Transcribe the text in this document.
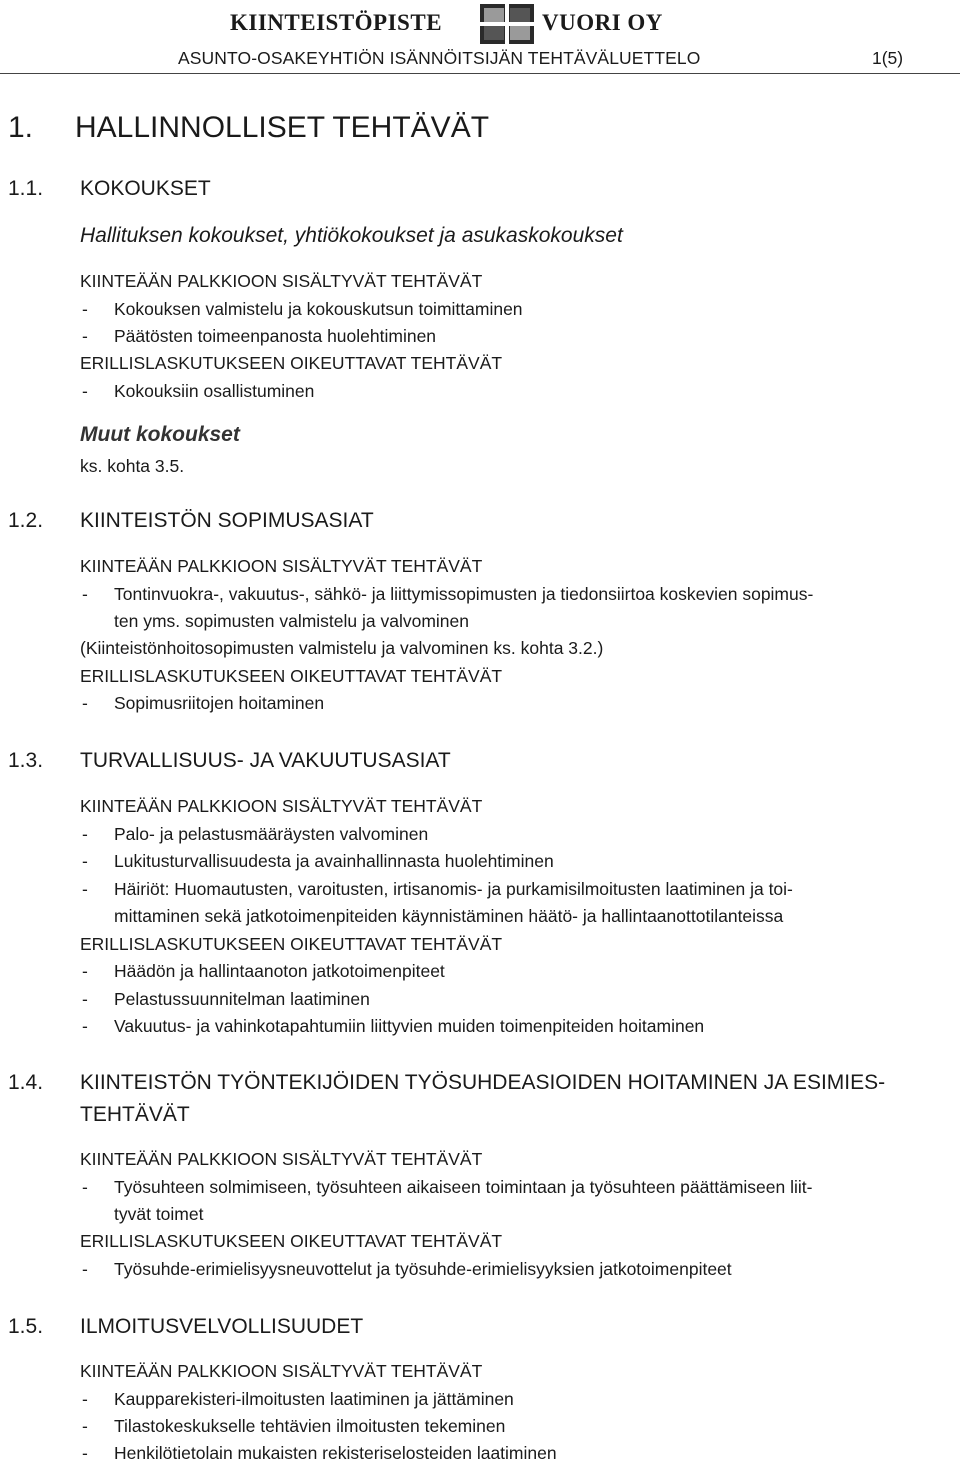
KIINTEISTÖPISTE	VUORI OY
ASUNTO-OSAKEYHTIÖN ISÄNNÖITSIJÄN TEHTÄVÄLUETTELO	1(5)
1. HALLINNOLLISET TEHTÄVÄT
1.1. KOKOUKSET
Hallituksen kokoukset, yhtiökokoukset ja asukaskokoukset
KIINTEÄÄN PALKKIOON SISÄLTYVÄT TEHTÄVÄT
- Kokouksen valmistelu ja kokouskutsun toimittaminen
- Päätösten toimeenpanosta huolehtiminen
ERILLISLASKUTUKSEEN OIKEUTTAVAT TEHTÄVÄT
- Kokouksiin osallistuminen
Muut kokoukset
ks. kohta 3.5.
1.2. KIINTEISTÖN SOPIMUSASIAT
KIINTEÄÄN PALKKIOON SISÄLTYVÄT TEHTÄVÄT
- Tontinvuokra-, vakuutus-, sähkö- ja liittymissopimusten ja tiedonsiirtoa koskevien sopimus-
ten yms. sopimusten valmistelu ja valvominen
(Kiinteistönhoitosopimusten valmistelu ja valvominen ks. kohta 3.2.)
ERILLISLASKUTUKSEEN OIKEUTTAVAT TEHTÄVÄT
- Sopimusriitojen hoitaminen
1.3. TURVALLISUUS- JA VAKUUTUSASIAT
KIINTEÄÄN PALKKIOON SISÄLTYVÄT TEHTÄVÄT
- Palo- ja pelastusmääräysten valvominen
- Lukitusturvallisuudesta ja avainhallinnasta huolehtiminen
- Häiriöt: Huomautusten, varoitusten, irtisanomis- ja purkamisilmoitusten laatiminen ja toi-
mittaminen sekä jatkotoimenpiteiden käynnistäminen häätö- ja hallintaanottotilanteissa
ERILLISLASKUTUKSEEN OIKEUTTAVAT TEHTÄVÄT
- Häädön ja hallintaanoton jatkotoimenpiteet
- Pelastussuunnitelman laatiminen
- Vakuutus- ja vahinkotapahtumiin liittyvien muiden toimenpiteiden hoitaminen
1.4. KIINTEISTÖN TYÖNTEKIJÖIDEN TYÖSUHDEASIOIDEN HOITAMINEN JA ESIMIES-
TEHTÄVÄT
KIINTEÄÄN PALKKIOON SISÄLTYVÄT TEHTÄVÄT
- Työsuhteen solmimiseen, työsuhteen aikaiseen toimintaan ja työsuhteen päättämiseen liit-
tyvät toimet
ERILLISLASKUTUKSEEN OIKEUTTAVAT TEHTÄVÄT
- Työsuhde-erimielisyysneuvottelut ja työsuhde-erimielisyyksien jatkotoimenpiteet
1.5. ILMOITUSVELVOLLISUUDET
KIINTEÄÄN PALKKIOON SISÄLTYVÄT TEHTÄVÄT
- Kaupparekisteri-ilmoitusten laatiminen ja jättäminen
- Tilastokeskukselle tehtävien ilmoitusten tekeminen
- Henkilötietolain mukaisten rekisteriselosteiden laatiminen
